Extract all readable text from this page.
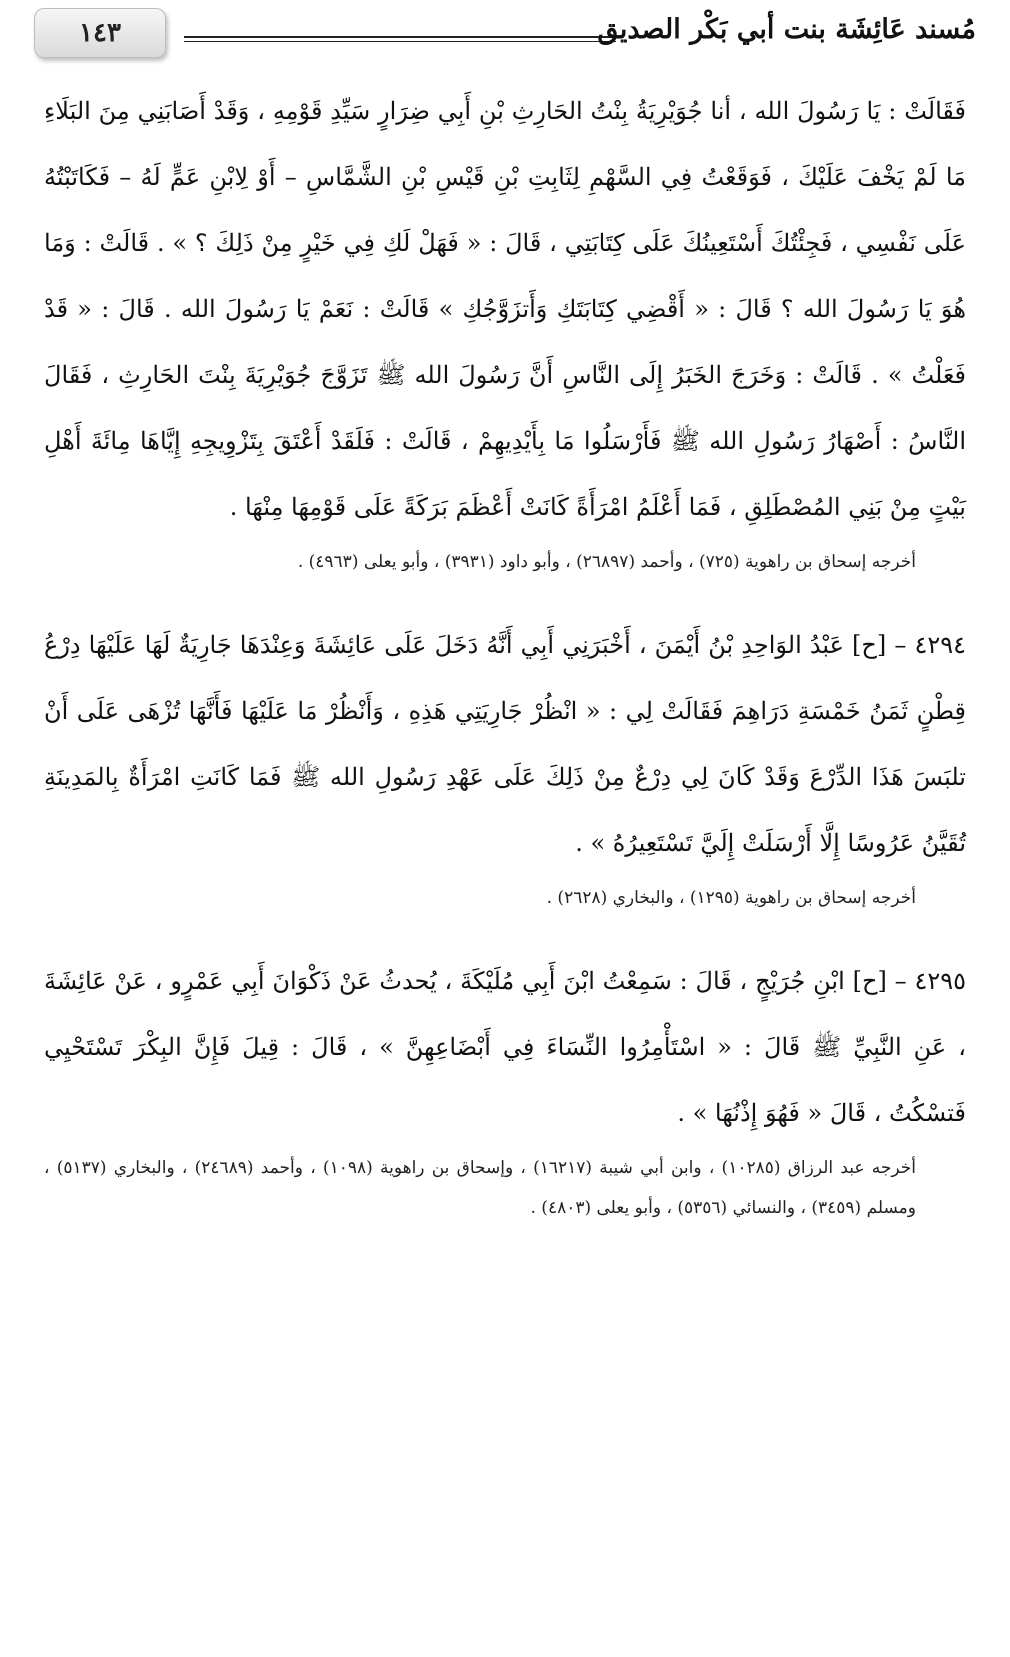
١٤٣	مُسند عَائِشَة بنت أبي بَكْر الصديق

فَقَالَتْ : يَا رَسُولَ الله ، أنا جُوَيْرِيَةُ بِنْتُ الحَارِثِ بْنِ أَبِي ضِرَارٍ سَيِّدِ قَوْمِهِ ، وَقَدْ أَصَابَنِي مِنَ البَلَاءِ مَا لَمْ يَخْفَ عَلَيْكَ ، فَوَقَعْتُ فِي السَّهْمِ لِثَابِتِ بْنِ قَيْسِ بْنِ الشَّمَّاسِ – أَوْ لِابْنِ عَمٍّ لَهُ – فَكَاتَبْتُهُ عَلَى نَفْسِي ، فَجِئْتُكَ أَسْتَعِينُكَ عَلَى كِتَابَتِي ، قَالَ : « فَهَلْ لَكِ فِي خَيْرٍ مِنْ ذَلِكَ ؟ » . قَالَتْ : وَمَا هُوَ يَا رَسُولَ الله ؟ قَالَ : « أَقْضِي كِتَابَتَكِ وَأَتزَوَّجُكِ » قَالَتْ : نَعَمْ يَا رَسُولَ الله . قَالَ : « قَدْ فَعَلْتُ » . قَالَتْ : وَخَرَجَ الخَبَرُ إِلَى النَّاسِ أَنَّ رَسُولَ الله ﷺ تَزَوَّجَ جُوَيْرِيَةَ بِنْتَ الحَارِثِ ، فَقَالَ النَّاسُ : أَصْهَارُ رَسُولِ الله ﷺ فَأَرْسَلُوا مَا بِأَيْدِيهِمْ ، قَالَتْ : فَلَقَدْ أَعْتَقَ بِتَزْوِيجِهِ إِيَّاهَا مِائَةَ أَهْلِ بَيْتٍ مِنْ بَنِي المُصْطَلِقِ ، فَمَا أَعْلَمُ امْرَأَةً كَانَتْ أَعْظَمَ بَرَكَةً عَلَى قَوْمِهَا مِنْهَا .

أخرجه إسحاق بن راهوية (٧٢٥) ، وأحمد (٢٦٨٩٧) ، وأبو داود (٣٩٣١) ، وأبو يعلى (٤٩٦٣) .

٤٢٩٤ – [ح] عَبْدُ الوَاحِدِ بْنُ أَيْمَنَ ، أَخْبَرَنِي أَبِي أَنَّهُ دَخَلَ عَلَى عَائِشَةَ وَعِنْدَهَا جَارِيَةٌ لَهَا عَلَيْهَا دِرْعُ قِطْنٍ ثَمَنُ خَمْسَةِ دَرَاهِمَ فَقَالَتْ لِي : « انْظُرْ جَارِيَتِي هَذِهِ ، وَأَنْظُرْ مَا عَلَيْهَا فَأَنَّهَا تُزْهَى عَلَى أَنْ تلبَسَ هَذَا الدِّرْعَ وَقَدْ كَانَ لِي دِرْعٌ مِنْ ذَلِكَ عَلَى عَهْدِ رَسُولِ الله ﷺ فَمَا كَانَتِ امْرَأَةٌ بِالمَدِينَةِ تُقَيَّنُ عَرُوسًا إِلَّا أَرْسَلَتْ إِلَيَّ تَسْتَعِيرُهُ » .

أخرجه إسحاق بن راهوية (١٢٩٥) ، والبخاري (٢٦٢٨) .

٤٢٩٥ – [ح] ابْنِ جُرَيْجٍ ، قَالَ : سَمِعْتُ ابْنَ أَبِي مُلَيْكَةَ ، يُحدثُ عَنْ ذَكْوَانَ أَبِي عَمْرٍو ، عَنْ عَائِشَةَ ، عَنِ النَّبِيِّ ﷺ قَالَ : « اسْتَأْمِرُوا النِّسَاءَ فِي أَبْضَاعِهِنَّ » ، قَالَ : قِيلَ فَإِنَّ البِكْرَ تَسْتَحْيِي فَتسْكُتُ ، قَالَ « فَهُوَ إِذْنُهَا » .

أخرجه عبد الرزاق (١٠٢٨٥) ، وابن أبي شيبة (١٦٢١٧) ، وإسحاق بن راهوية (١٠٩٨) ، وأحمد (٢٤٦٨٩) ، والبخاري (٥١٣٧) ، ومسلم (٣٤٥٩) ، والنسائي (٥٣٥٦) ، وأبو يعلى (٤٨٠٣) .
